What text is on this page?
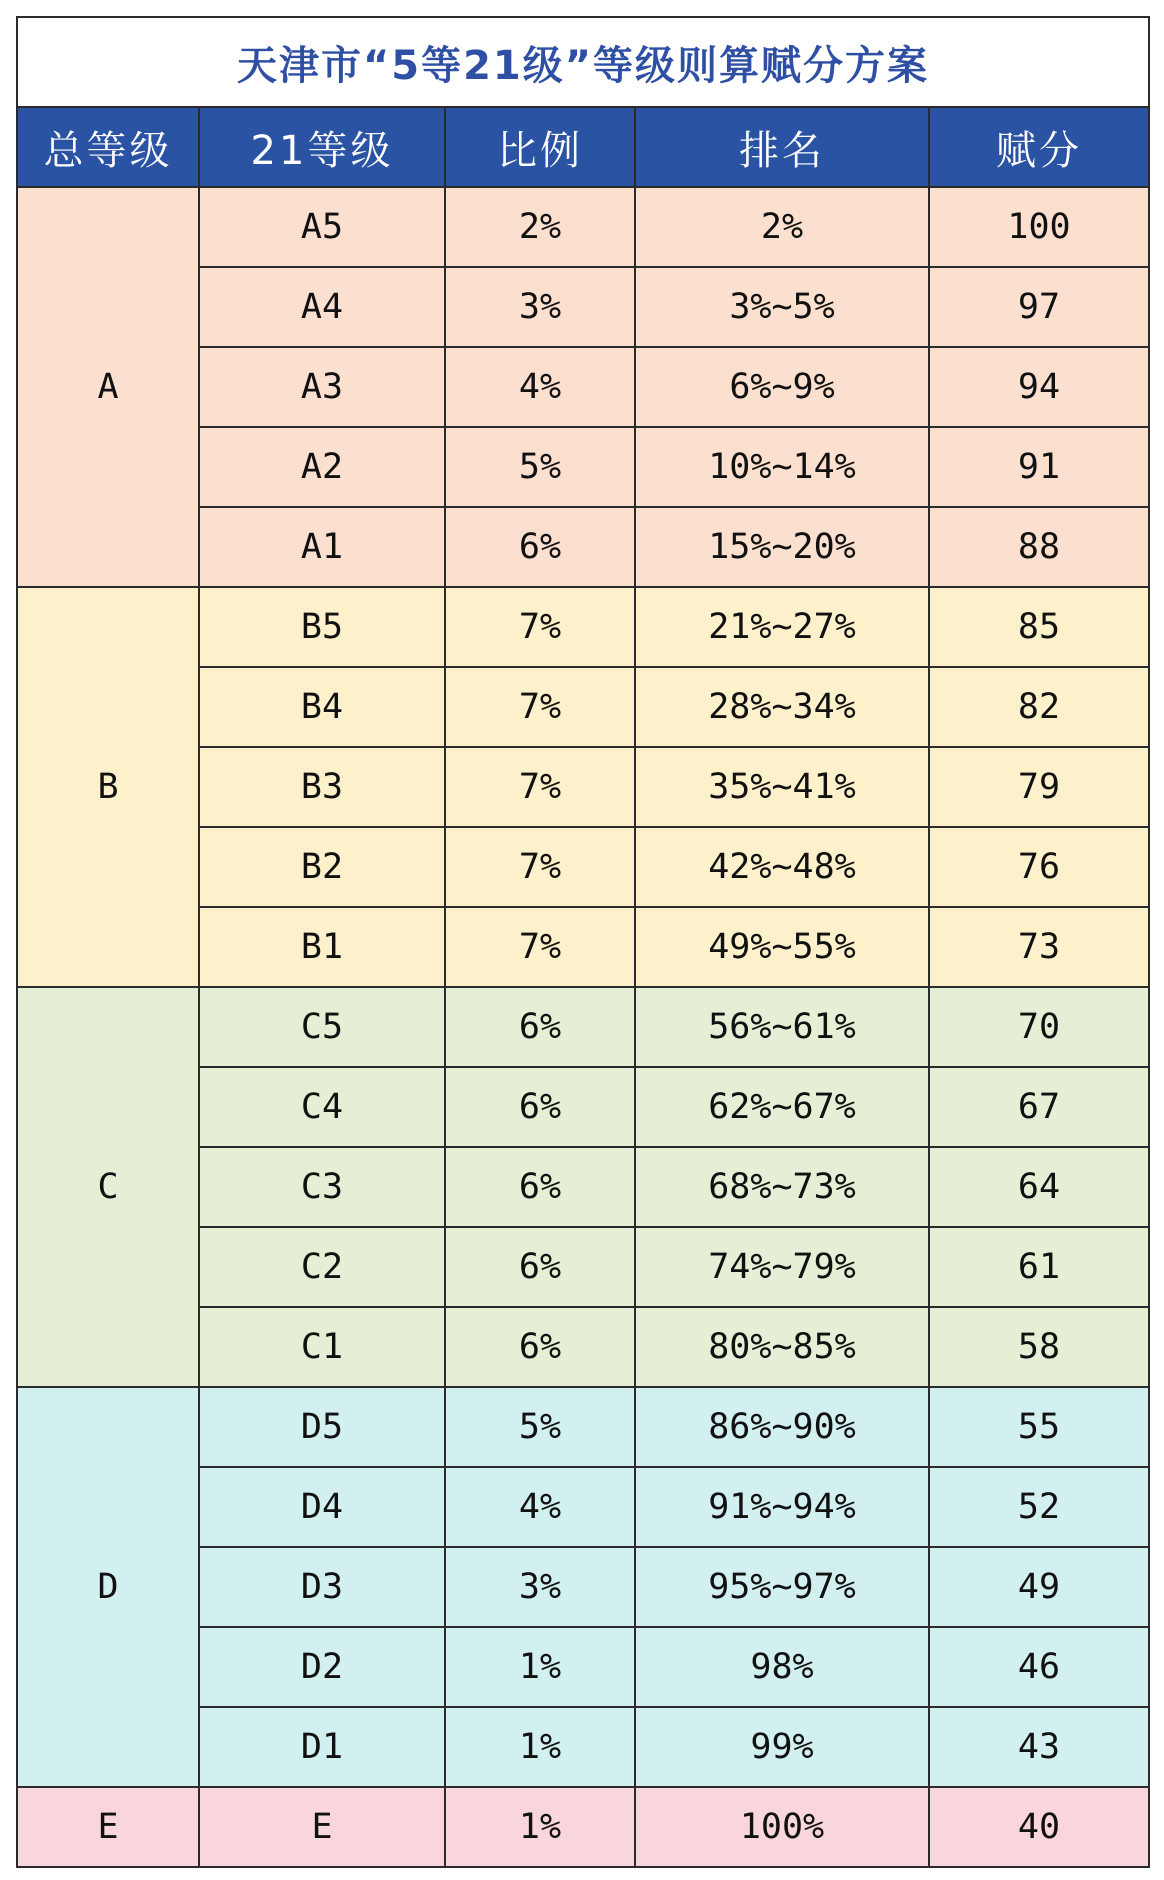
天津市“5等21级”等级则算赋分方案				
总等级	21等级	比例	排名	赋分
A	A5	2%	2%	100
	A4	3%	3%~5%	97
	A3	4%	6%~9%	94
	A2	5%	10%~14%	91
	A1	6%	15%~20%	88
B	B5	7%	21%~27%	85
	B4	7%	28%~34%	82
	B3	7%	35%~41%	79
	B2	7%	42%~48%	76
	B1	7%	49%~55%	73
C	C5	6%	56%~61%	70
	C4	6%	62%~67%	67
	C3	6%	68%~73%	64
	C2	6%	74%~79%	61
	C1	6%	80%~85%	58
D	D5	5%	86%~90%	55
	D4	4%	91%~94%	52
	D3	3%	95%~97%	49
	D2	1%	98%	46
	D1	1%	99%	43
E	E	1%	100%	40
